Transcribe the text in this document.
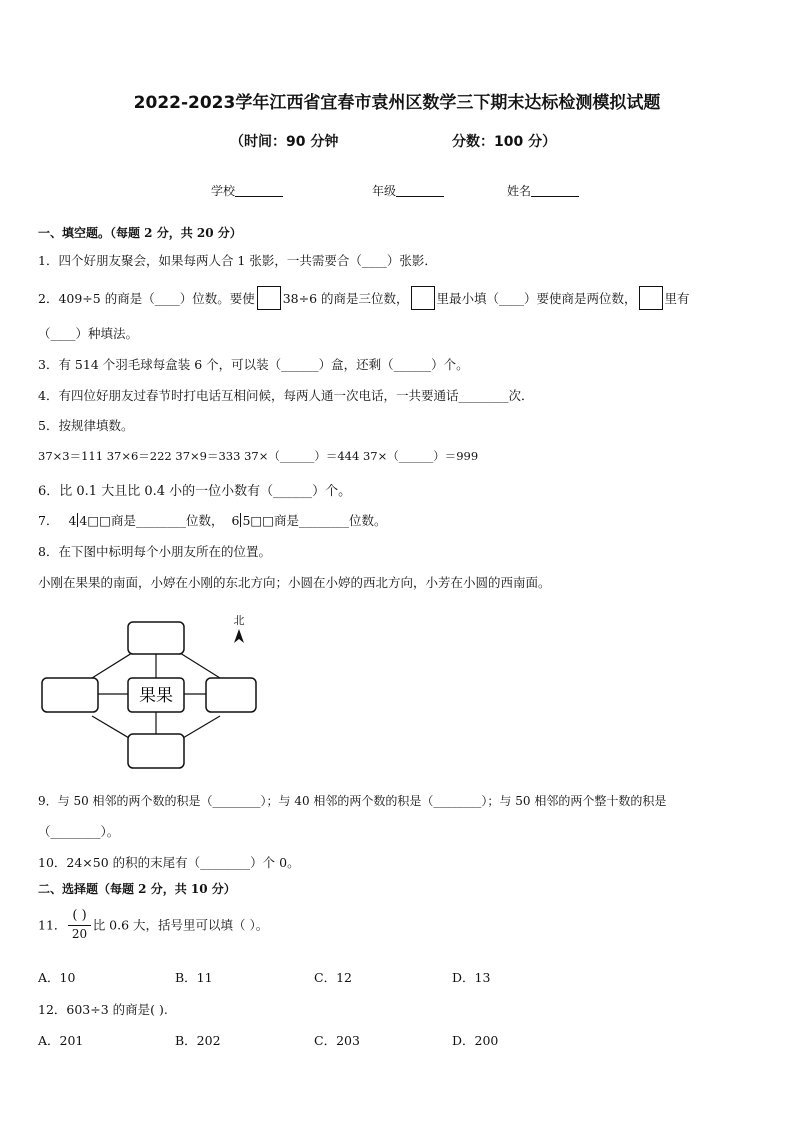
2022-2023学年江西省宜春市袁州区数学三下期末达标检测模拟试题
（时间：90 分钟	分数：100 分）
学校	年级	姓名
一、填空题。（每题 2 分，共 20 分）
1．四个好朋友聚会，如果每两人合 1 张影，一共需要合（____）张影．
2．409÷5 的商是（____）位数。要使 38÷6 的商是三位数， 里最小填（____）要使商是两位数， 里有
（____）种填法。
3．有 514 个羽毛球每盒装 6 个，可以装（______）盒，还剩（______）个。
4．有四位好朋友过春节时打电话互相问候，每两人通一次电话，一共要通话________次．
5．按规律填数。
37×3＝111 37×6＝222 37×9＝333 37×（______）＝444 37×（______）＝999
6．比 0.1 大且比 0.4 小的一位小数有（______）个。
7． 4 4□□商是________位数， 6 5□□商是________位数。
8．在下图中标明每个小朋友所在的位置。
小刚在果果的南面，小婷在小刚的东北方向；小圆在小婷的西北方向，小芳在小圆的西南面。
果果
北
9．与 50 相邻的两个数的积是（________）；与 40 相邻的两个数的积是（________）；与 50 相邻的两个整十数的积是
（________）。
10．24×50 的积的末尾有（________）个 0。
二、选择题（每题 2 分，共 10 分）
11． $\frac{( )}{20}$ 比 0.6 大，括号里可以填（ ）。
A．10	B．11	C．12	D．13
12．603÷3 的商是( ).
A．201	B．202	C．203	D．200
